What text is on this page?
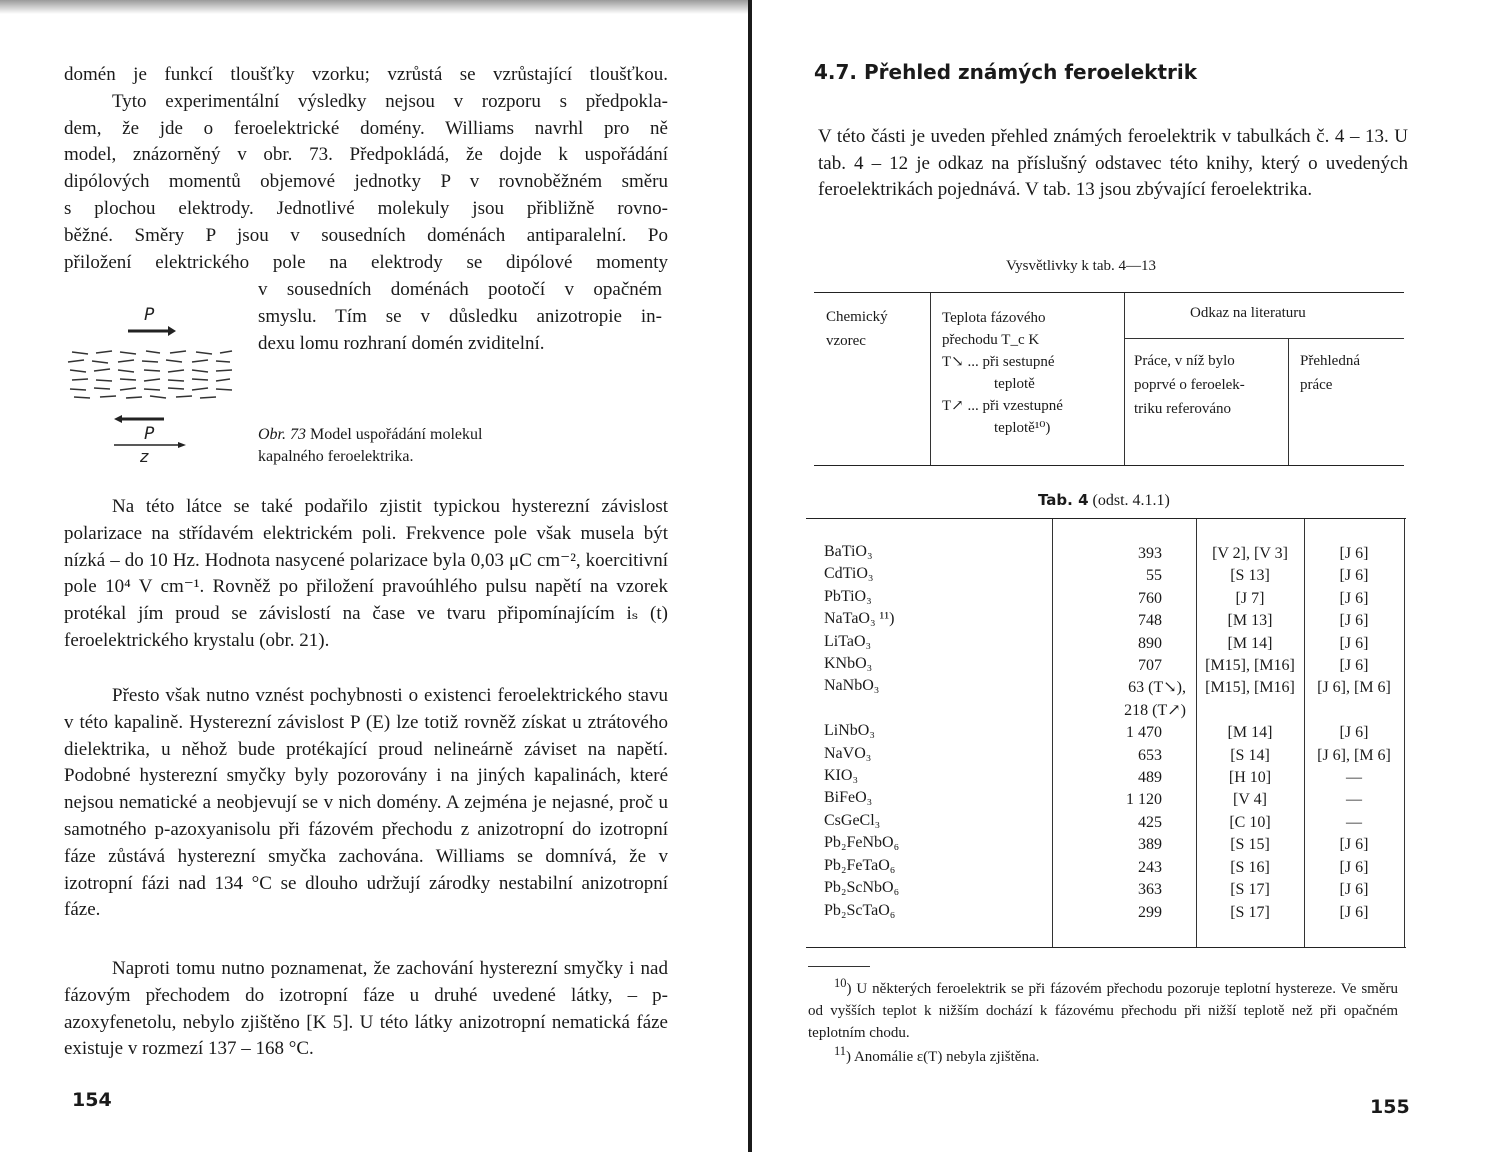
domén je funkcí tloušťky vzorku; vzrůstá se vzrůstající tloušťkou.
Tyto experimentální výsledky nejsou v rozporu s předpokla-
dem, že jde o feroelektrické domény. Williams navrhl pro ně
model, znázorněný v obr. 73. Předpokládá, že dojde k uspořádání
dipólových momentů objemové jednotky P v rovnoběžném směru
s plochou elektrody. Jednotlivé molekuly jsou přibližně rovno-
běžné. Směry P jsou v sousedních doménách antiparalelní. Po
přiložení elektrického pole na elektrody se dipólové momenty
v sousedních doménách pootočí v opačném
smyslu. Tím se v důsledku anizotropie in-
dexu lomu rozhraní domén zviditelní.
P
P
z
Obr. 73 Model uspořádání molekul
kapalného feroelektrika.

Na této látce se také podařilo zjistit typickou hysterezní závislost polarizace na střídavém elektrickém poli. Frekvence pole však musela být nízká – do 10 Hz. Hodnota nasycené polarizace byla 0,03 μC cm⁻², koercitivní pole 10⁴ V cm⁻¹. Rovněž po přiložení pravoúhlého pulsu napětí na vzorek protékal jím proud se závislostí na čase ve tvaru připomínajícím iₛ (t) feroelektrického krystalu (obr. 21).

Přesto však nutno vznést pochybnosti o existenci feroelektrického stavu v této kapalině. Hysterezní závislost P (E) lze totiž rovněž získat u ztrátového dielektrika, u něhož bude protékající proud nelineárně záviset na napětí. Podobné hysterezní smyčky byly pozorovány i na jiných kapalinách, které nejsou nematické a neobjevují se v nich domény. A zejména je nejasné, proč u samotného p-azoxyanisolu při fázovém přechodu z anizotropní do izotropní fáze zůstává hysterezní smyčka zachována. Williams se domnívá, že v izotropní fázi nad 134 °C se dlouho udržují zárodky nestabilní anizotropní fáze.

Naproti tomu nutno poznamenat, že zachování hysterezní smyčky i nad fázovým přechodem do izotropní fáze u druhé uvedené látky, – p-azoxyfenetolu, nebylo zjištěno [K 5]. U této látky anizotropní nematická fáze existuje v rozmezí 137 – 168 °C.

154
4.7. Přehled známých feroelektrik

V této části je uveden přehled známých feroelektrik v tabulkách č. 4 – 13. U tab. 4 – 12 je odkaz na příslušný odstavec této knihy, který o uvedených feroelektrikách pojednává. V tab. 13 jsou zbývající feroelektrika.

Vysvětlivky k tab. 4—13
Chemický
vzorec
Teplota fázového
přechodu T_c K
T↘ ... při sestupné
teplotě
T↗ ... při vzestupné
teplotě¹⁰)
Odkaz na literaturu
Práce, v níž bylo
poprvé o feroelek-
triku referováno
Přehledná
práce
Tab. 4 (odst. 4.1.1)
BaTiO₃
CdTiO₃
PbTiO₃
NaTaO₃ ¹¹)
LiTaO₃
KNbO₃
NaNbO₃

LiNbO₃
NaVO₃
KIO₃
BiFeO₃
CsGeCl₃
Pb₂FeNbO₆
Pb₂FeTaO₆
Pb₂ScNbO₆
Pb₂ScTaO₆
393
55
760
748
890
707
63 (T↘),
218 (T↗)
1 470
653
489
1 120
425
389
243
363
299
[V 2], [V 3]
[S 13]
[J 7]
[M 13]
[M 14]
[M15], [M16]
[M15], [M16]

[M 14]
[S 14]
[H 10]
[V 4]
[C 10]
[S 15]
[S 16]
[S 17]
[S 17]
[J 6]
[J 6]
[J 6]
[J 6]
[J 6]
[J 6]
[J 6], [M 6]

[J 6]
[J 6], [M 6]
—
—
—
[J 6]
[J 6]
[J 6]
[J 6]
$^{10}$) U některých feroelektrik se při fázovém přechodu pozoruje teplotní hystereze. Ve směru od vyšších teplot k nižším dochází k fázovému přechodu při nižší teplotě než při opačném teplotním chodu.
$^{11}$) Anomálie ε(T) nebyla zjištěna.
155
